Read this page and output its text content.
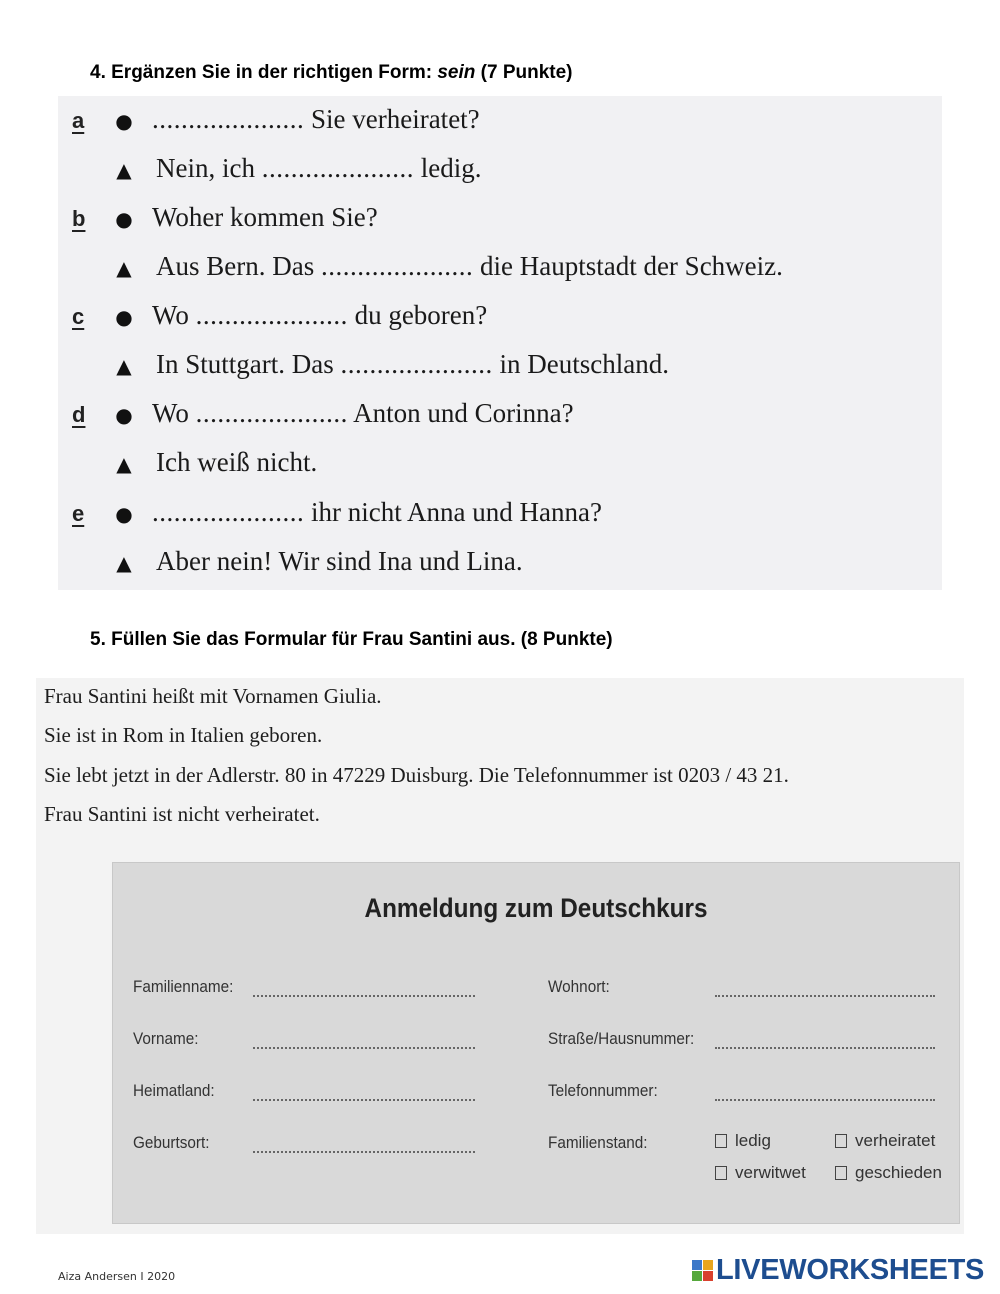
4. Ergänzen Sie in der richtigen Form: sein (7 Punkte)
a	● ..................... Sie verheiratet?
▲ Nein, ich ..................... ledig.
b	● Woher kommen Sie?
▲ Aus Bern. Das ..................... die Hauptstadt der Schweiz.
c	● Wo ..................... du geboren?
▲ In Stuttgart. Das ..................... in Deutschland.
d	● Wo ..................... Anton und Corinna?
▲ Ich weiß nicht.
e	● ..................... ihr nicht Anna und Hanna?
▲ Aber nein! Wir sind Ina und Lina.
5. Füllen Sie das Formular für Frau Santini aus. (8 Punkte)
Frau Santini heißt mit Vornamen Giulia.
Sie ist in Rom in Italien geboren.
Sie lebt jetzt in der Adlerstr. 80 in 47229 Duisburg. Die Telefonnummer ist 0203 / 43 21.
Frau Santini ist nicht verheiratet.
Anmeldung zum Deutschkurs
Familienname:
Vorname:
Heimatland:
Geburtsort:
Wohnort:
Straße/Hausnummer:
Telefonnummer:
Familienstand:	ledig	verheiratet
verwitwet	geschieden
Aiza Andersen I 2020	LIVEWORKSHEETS
